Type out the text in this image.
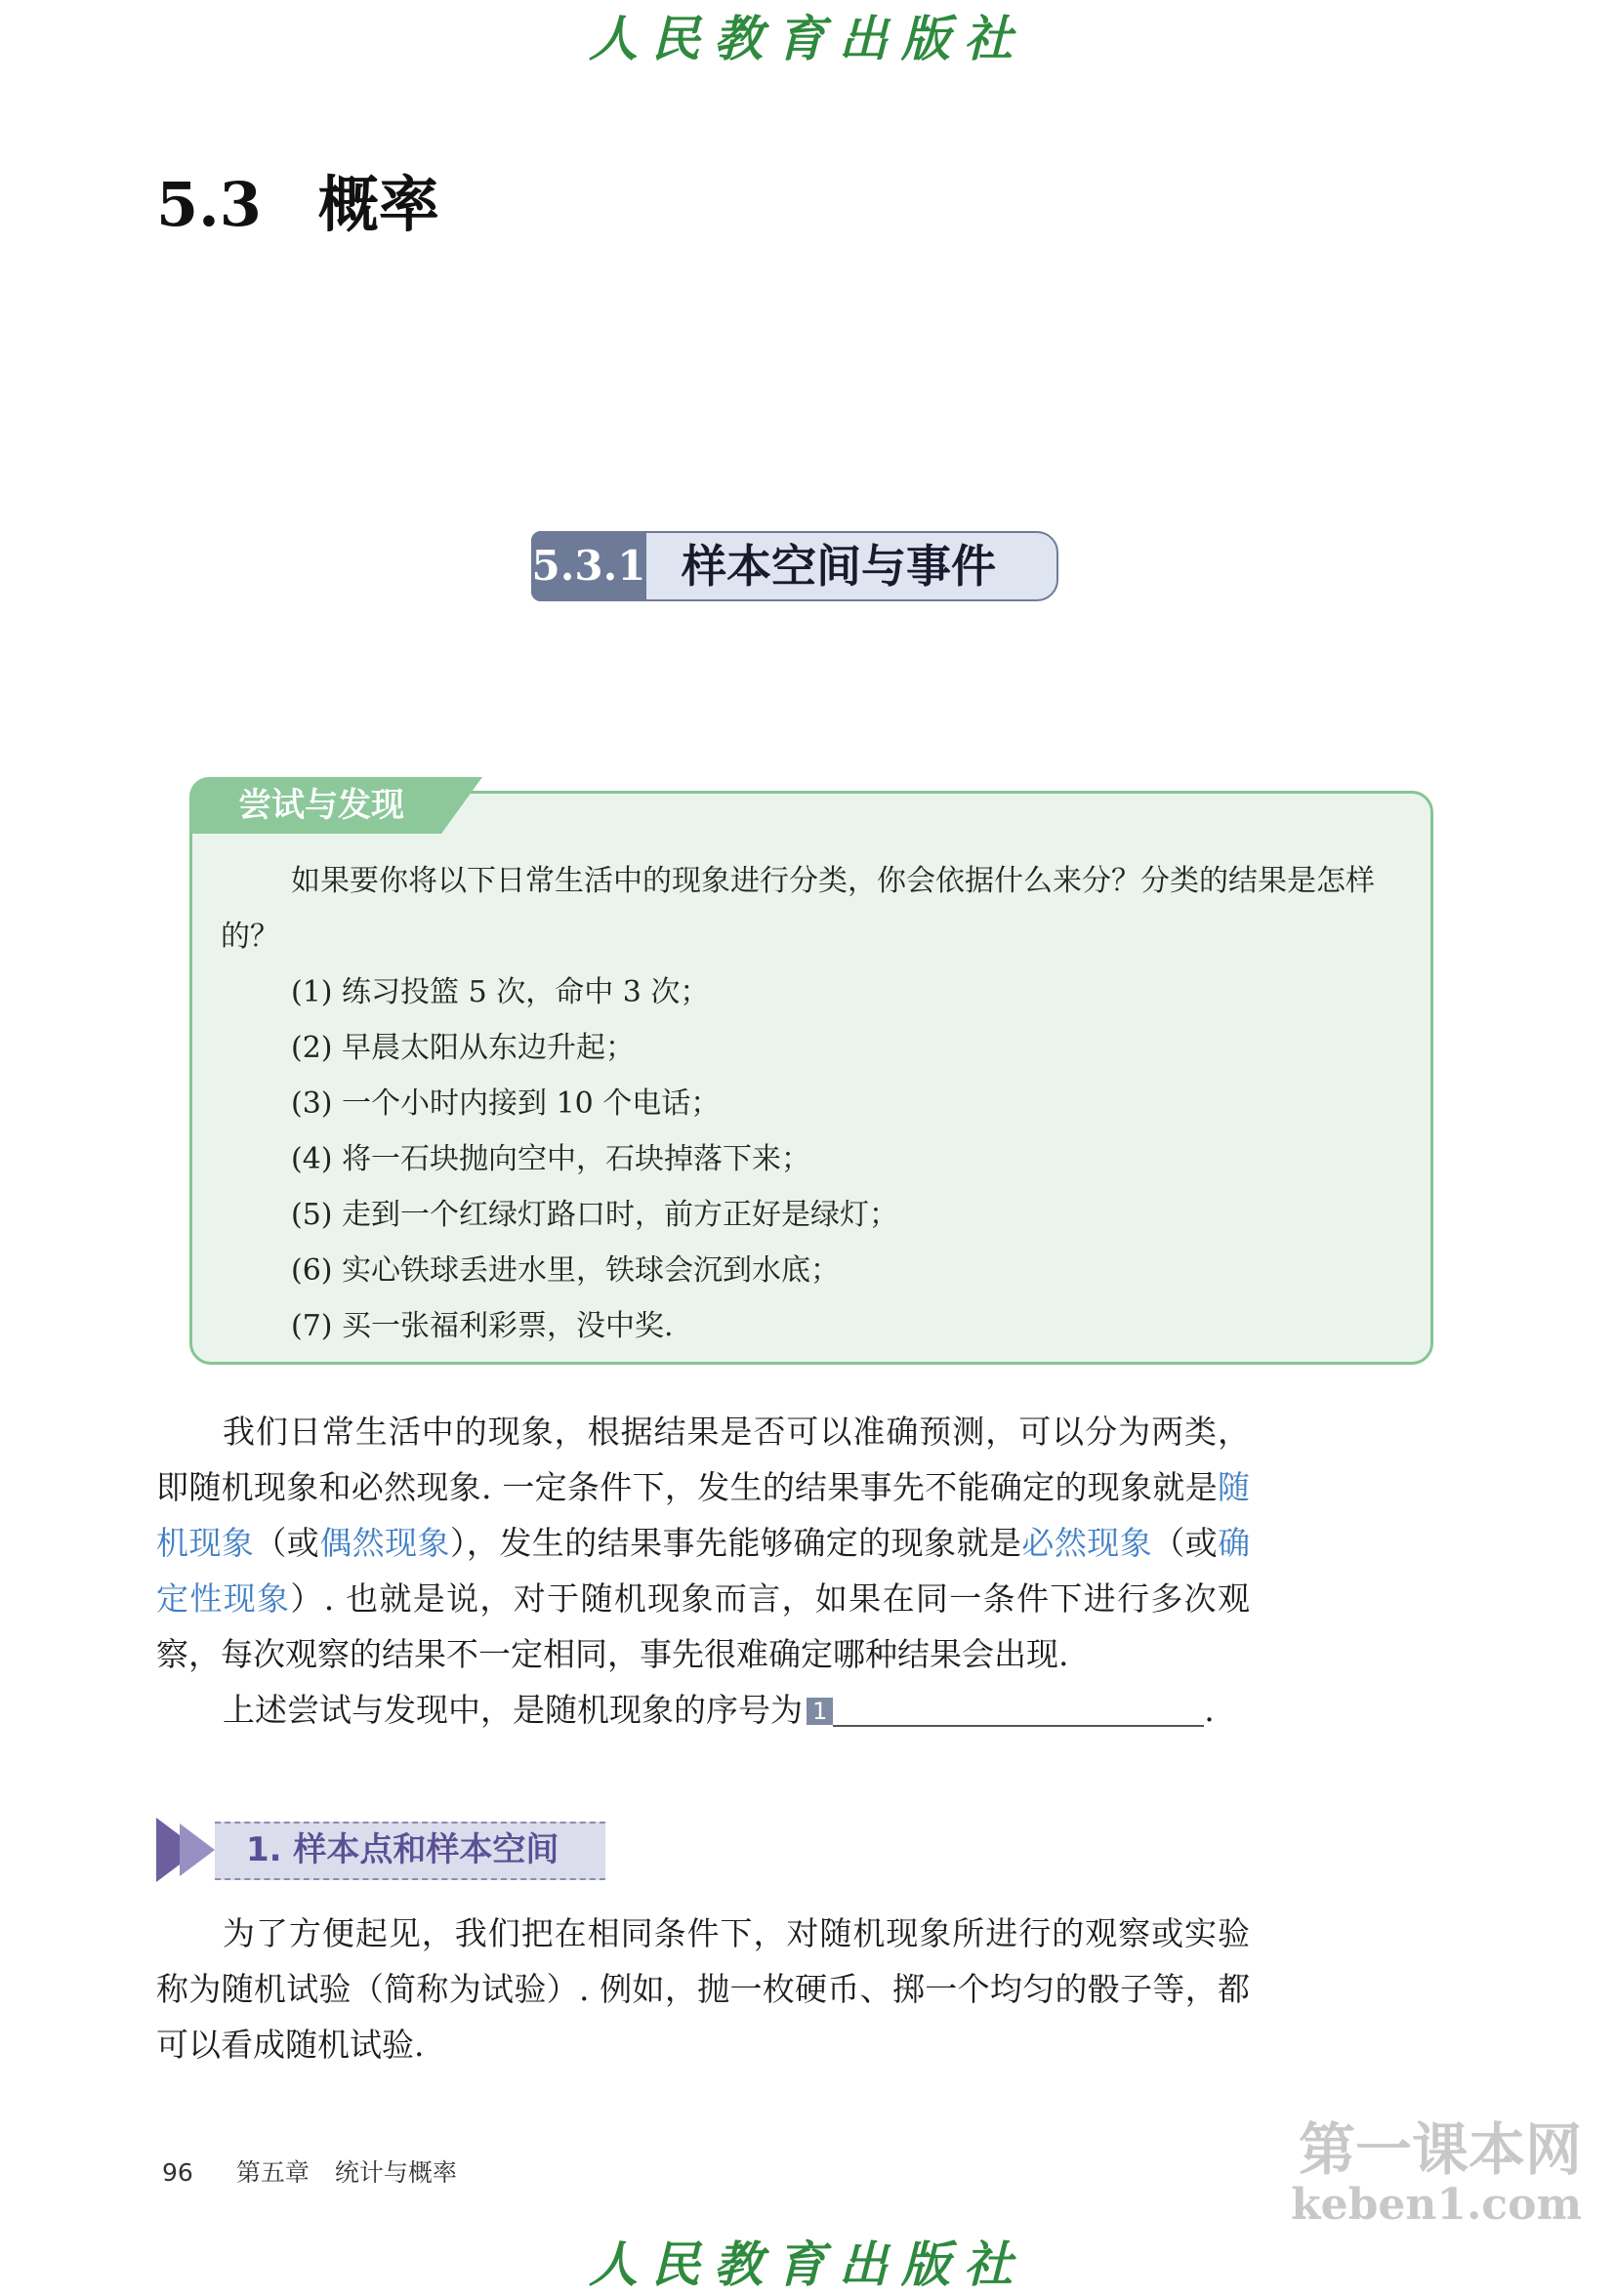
人民教育出版社
5.3 概率
5.3.1 样本空间与事件
尝试与发现
如果要你将以下日常生活中的现象进行分类，你会依据什么来分？分类的结果是怎样的？
(1) 练习投篮 5 次，命中 3 次；
(2) 早晨太阳从东边升起；
(3) 一个小时内接到 10 个电话；
(4) 将一石块抛向空中，石块掉落下来；
(5) 走到一个红绿灯路口时，前方正好是绿灯；
(6) 实心铁球丢进水里，铁球会沉到水底；
(7) 买一张福利彩票，没中奖.
我们日常生活中的现象，根据结果是否可以准确预测，可以分为两类，即随机现象和必然现象. 一定条件下，发生的结果事先不能确定的现象就是随机现象（或偶然现象），发生的结果事先能够确定的现象就是必然现象（或确定性现象）. 也就是说，对于随机现象而言，如果在同一条件下进行多次观察，每次观察的结果不一定相同，事先很难确定哪种结果会出现.
上述尝试与发现中，是随机现象的序号为 1	.
1. 样本点和样本空间
为了方便起见，我们把在相同条件下，对随机现象所进行的观察或实验称为随机试验（简称为试验）. 例如，抛一枚硬币、掷一个均匀的骰子等，都可以看成随机试验.
96 第五章 统计与概率	第一课本网
keben1.com
人民教育出版社
